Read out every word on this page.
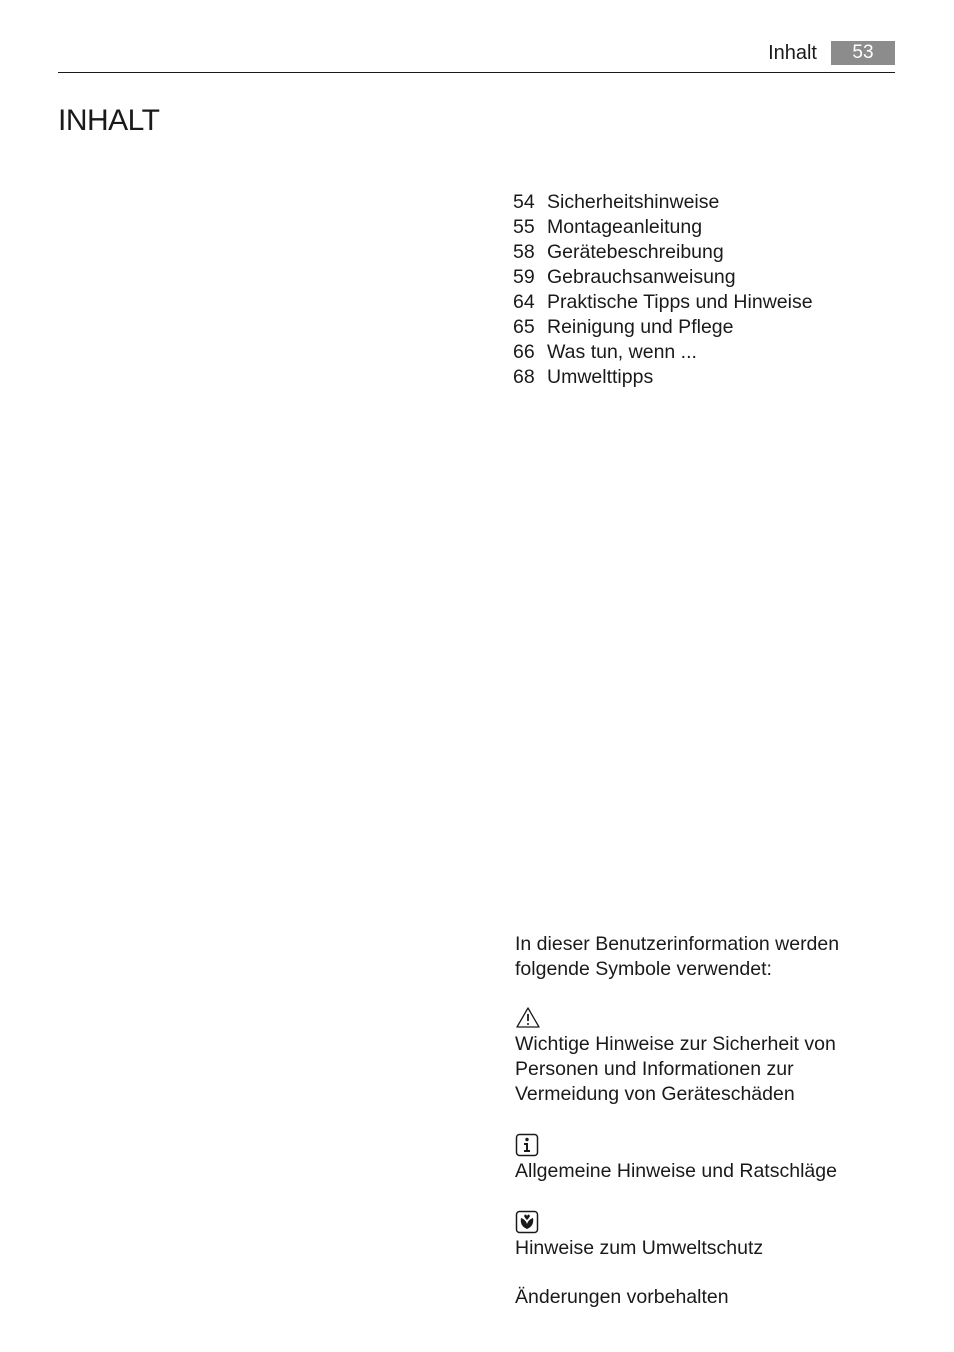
Inhalt	53
INHALT
54 Sicherheitshinweise
55 Montageanleitung
58 Gerätebeschreibung
59 Gebrauchsanweisung
64 Praktische Tipps und Hinweise
65 Reinigung und Pflege
66 Was tun, wenn ...
68 Umwelttipps

In dieser Benutzerinformation werden
folgende Symbole verwendet:

Wichtige Hinweise zur Sicherheit von
Personen und Informationen zur
Vermeidung von Geräteschäden

Allgemeine Hinweise und Ratschläge

Hinweise zum Umweltschutz

Änderungen vorbehalten
